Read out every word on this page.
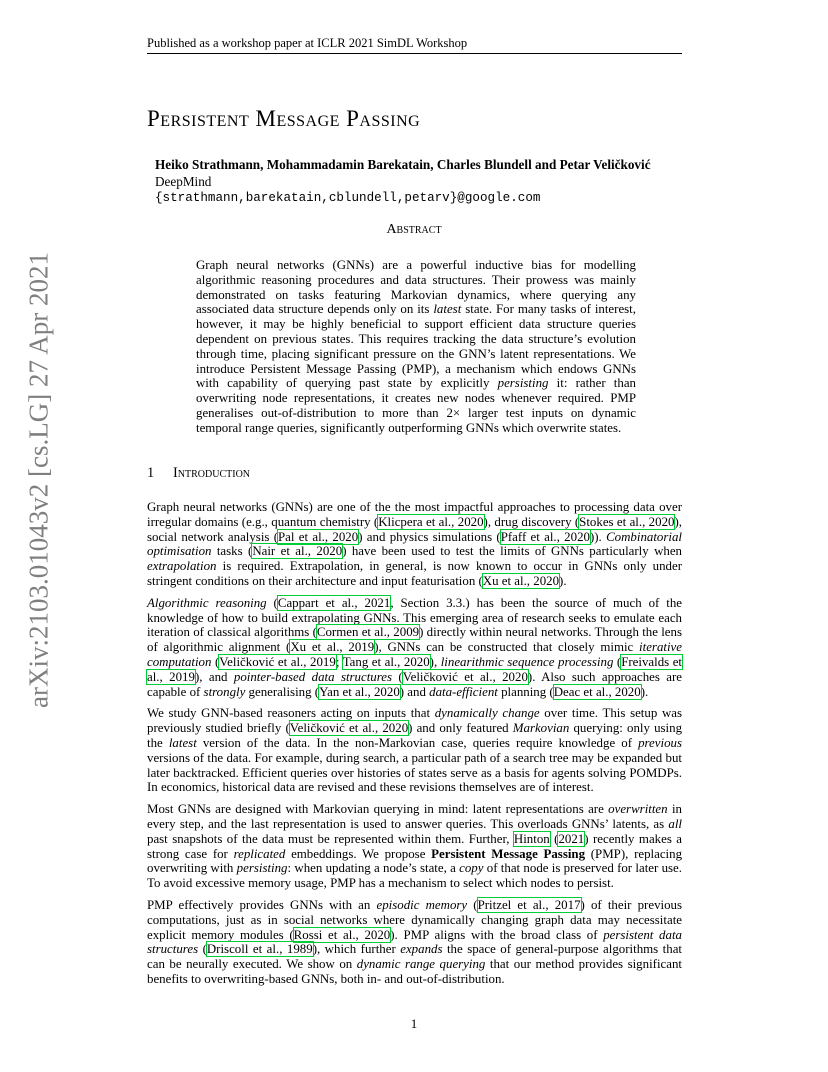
Published as a workshop paper at ICLR 2021 SimDL Workshop
arXiv:2103.01043v2 [cs.LG] 27 Apr 2021
Persistent Message Passing
Heiko Strathmann, Mohammadamin Barekatain, Charles Blundell and Petar Veličković
DeepMind
{strathmann,barekatain,cblundell,petarv}@google.com
Abstract
Graph neural networks (GNNs) are a powerful inductive bias for modelling algorithmic reasoning procedures and data structures. Their prowess was mainly demonstrated on tasks featuring Markovian dynamics, where querying any associated data structure depends only on its latest state. For many tasks of interest, however, it may be highly beneficial to support efficient data structure queries dependent on previous states. This requires tracking the data structure’s evolution through time, placing significant pressure on the GNN’s latent representations. We introduce Persistent Message Passing (PMP), a mechanism which endows GNNs with capability of querying past state by explicitly persisting it: rather than overwriting node representations, it creates new nodes whenever required. PMP generalises out-of-distribution to more than 2× larger test inputs on dynamic temporal range queries, significantly outperforming GNNs which overwrite states.
1 Introduction

Graph neural networks (GNNs) are one of the the most impactful approaches to processing data over irregular domains (e.g., quantum chemistry (Klicpera et al., 2020), drug discovery (Stokes et al., 2020), social network analysis (Pal et al., 2020) and physics simulations (Pfaff et al., 2020)). Combinatorial optimisation tasks (Nair et al., 2020) have been used to test the limits of GNNs particularly when extrapolation is required. Extrapolation, in general, is now known to occur in GNNs only under stringent conditions on their architecture and input featurisation (Xu et al., 2020).

Algorithmic reasoning (Cappart et al., 2021, Section 3.3.) has been the source of much of the knowledge of how to build extrapolating GNNs. This emerging area of research seeks to emulate each iteration of classical algorithms (Cormen et al., 2009) directly within neural networks. Through the lens of algorithmic alignment (Xu et al., 2019), GNNs can be constructed that closely mimic iterative computation (Veličković et al., 2019; Tang et al., 2020), linearithmic sequence processing (Freivalds et al., 2019), and pointer-based data structures (Veličković et al., 2020). Also such approaches are capable of strongly generalising (Yan et al., 2020) and data-efficient planning (Deac et al., 2020).

We study GNN-based reasoners acting on inputs that dynamically change over time. This setup was previously studied briefly (Veličković et al., 2020) and only featured Markovian querying: only using the latest version of the data. In the non-Markovian case, queries require knowledge of previous versions of the data. For example, during search, a particular path of a search tree may be expanded but later backtracked. Efficient queries over histories of states serve as a basis for agents solving POMDPs. In economics, historical data are revised and these revisions themselves are of interest.

Most GNNs are designed with Markovian querying in mind: latent representations are overwritten in every step, and the last representation is used to answer queries. This overloads GNNs’ latents, as all past snapshots of the data must be represented within them. Further, Hinton (2021) recently makes a strong case for replicated embeddings. We propose Persistent Message Passing (PMP), replacing overwriting with persisting: when updating a node’s state, a copy of that node is preserved for later use. To avoid excessive memory usage, PMP has a mechanism to select which nodes to persist.

PMP effectively provides GNNs with an episodic memory (Pritzel et al., 2017) of their previous computations, just as in social networks where dynamically changing graph data may necessitate explicit memory modules (Rossi et al., 2020). PMP aligns with the broad class of persistent data structures (Driscoll et al., 1989), which further expands the space of general-purpose algorithms that can be neurally executed. We show on dynamic range querying that our method provides significant benefits to overwriting-based GNNs, both in- and out-of-distribution.

1
